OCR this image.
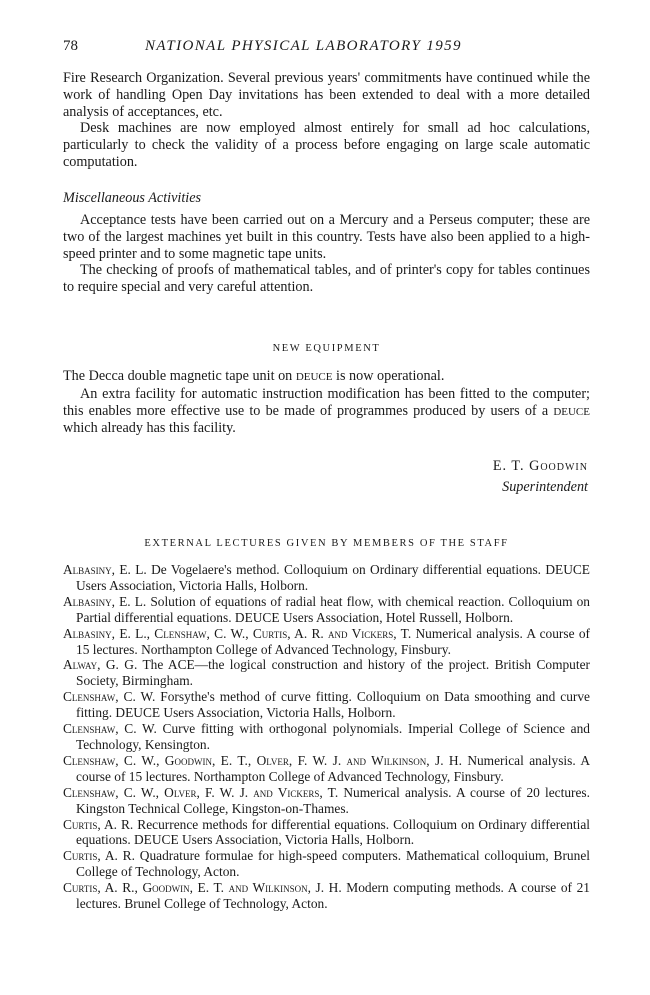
78	NATIONAL PHYSICAL LABORATORY 1959

Fire Research Organization. Several previous years' commitments have continued while the work of handling Open Day invitations has been extended to deal with a more detailed analysis of acceptances, etc.

Desk machines are now employed almost entirely for small ad hoc calculations, particularly to check the validity of a process before engaging on large scale automatic computation.

Miscellaneous Activities

Acceptance tests have been carried out on a Mercury and a Perseus computer; these are two of the largest machines yet built in this country. Tests have also been applied to a high-speed printer and to some magnetic tape units.

The checking of proofs of mathematical tables, and of printer's copy for tables continues to require special and very careful attention.

NEW EQUIPMENT

The Decca double magnetic tape unit on DEUCE is now operational.

An extra facility for automatic instruction modification has been fitted to the computer; this enables more effective use to be made of programmes produced by users of a DEUCE which already has this facility.

E. T. Goodwin
Superintendent
EXTERNAL LECTURES GIVEN BY MEMBERS OF THE STAFF
Albasiny, E. L. De Vogelaere's method. Colloquium on Ordinary differential equations. DEUCE Users Association, Victoria Halls, Holborn.
Albasiny, E. L. Solution of equations of radial heat flow, with chemical reaction. Colloquium on Partial differential equations. DEUCE Users Association, Hotel Russell, Holborn.
Albasiny, E. L., Clenshaw, C. W., Curtis, A. R. and Vickers, T. Numerical analysis. A course of 15 lectures. Northampton College of Advanced Technology, Finsbury.
Alway, G. G. The ACE—the logical construction and history of the project. British Computer Society, Birmingham.
Clenshaw, C. W. Forsythe's method of curve fitting. Colloquium on Data smoothing and curve fitting. DEUCE Users Association, Victoria Halls, Holborn.
Clenshaw, C. W. Curve fitting with orthogonal polynomials. Imperial College of Science and Technology, Kensington.
Clenshaw, C. W., Goodwin, E. T., Olver, F. W. J. and Wilkinson, J. H. Numerical analysis. A course of 15 lectures. Northampton College of Advanced Technology, Finsbury.
Clenshaw, C. W., Olver, F. W. J. and Vickers, T. Numerical analysis. A course of 20 lectures. Kingston Technical College, Kingston-on-Thames.
Curtis, A. R. Recurrence methods for differential equations. Colloquium on Ordinary differential equations. DEUCE Users Association, Victoria Halls, Holborn.
Curtis, A. R. Quadrature formulae for high-speed computers. Mathematical colloquium, Brunel College of Technology, Acton.
Curtis, A. R., Goodwin, E. T. and Wilkinson, J. H. Modern computing methods. A course of 21 lectures. Brunel College of Technology, Acton.
